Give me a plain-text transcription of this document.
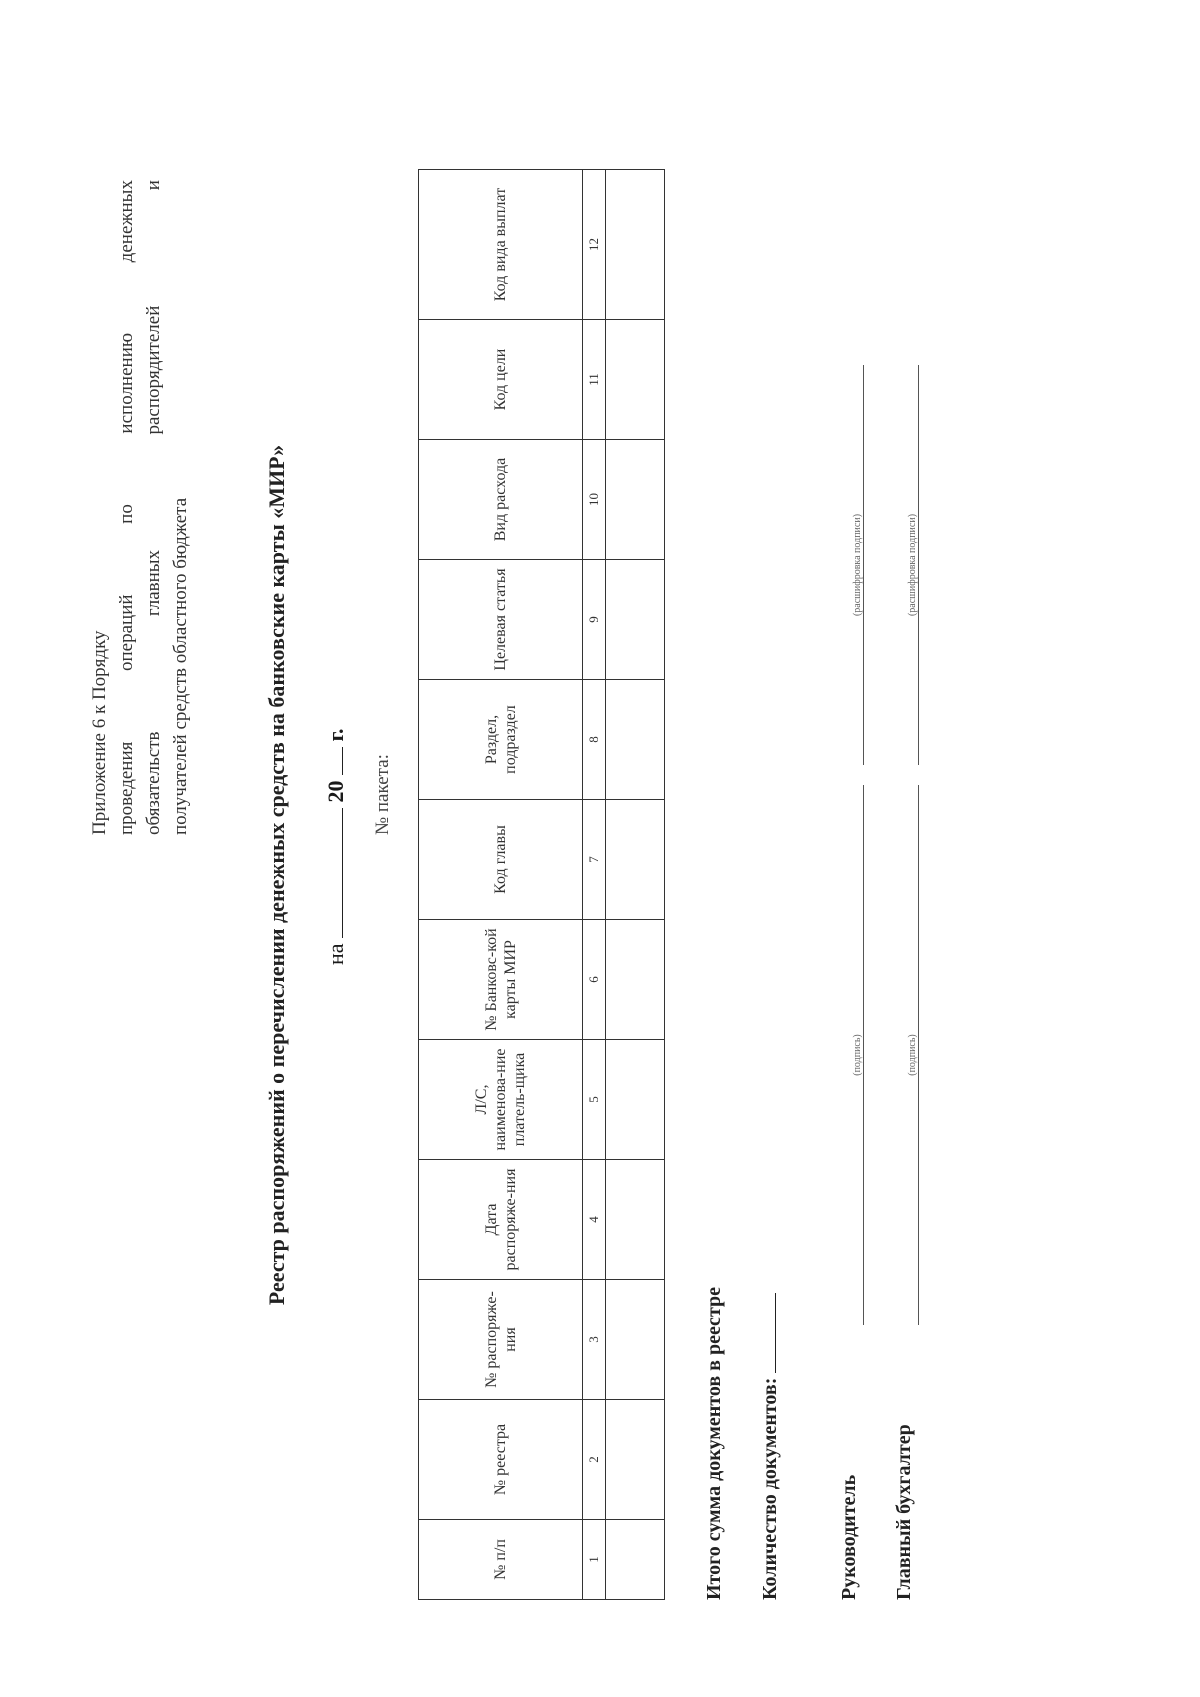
Приложение 6 к Порядку проведения
операций
по
исполнению
денежных
обязательств
главных
распорядителей
и
получателей средств областного бюджета	Реестр распоряжений о перечислении денежных средств на банковские карты «МИР» на  20  г.
№ пакета:
№ п/п	№ реестра	№ распоряже-ния	Дата распоряже-ния	Л/С, наименова-ние платель-щика	№ Банковс-кой карты МИР	Код главы	Раздел, подраздел	Целевая статья	Вид расхода	Код цели	Код вида выплат
1	2	3	4	5	6	7	8	9	10	11	12

Итого сумма документов в реестре Количество документов:	Руководитель
(подпись)
(расшифровка подписи)
Главный бухгалтер
(подпись)
(расшифровка подписи)
